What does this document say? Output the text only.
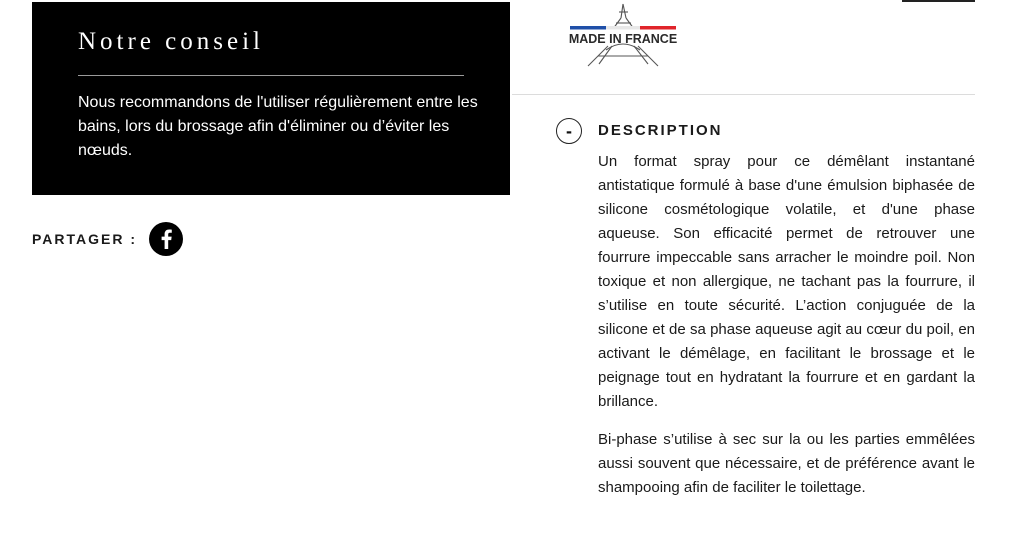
Notre conseil

Nous recommandons de l'utiliser régulièrement entre les bains, lors du brossage afin d'éliminer ou d’éviter les nœuds.

PARTAGER :
MADE IN FRANCE
- DESCRIPTION

Un format spray pour ce démêlant instantané antistatique formulé à base d'une émulsion biphasée de silicone cosmétologique volatile, et d'une phase aqueuse. Son efficacité permet de retrouver une fourrure impeccable sans arracher le moindre poil. Non toxique et non allergique, ne tachant pas la fourrure, il s’utilise en toute sécurité. L’action conjuguée de la silicone et de sa phase aqueuse agit au cœur du poil, en activant le démêlage, en facilitant le brossage et le peignage tout en hydratant la fourrure et en gardant la brillance.

Bi-phase s’utilise à sec sur la ou les parties emmêlées aussi souvent que nécessaire, et de préférence avant le shampooing afin de faciliter le toilettage.
